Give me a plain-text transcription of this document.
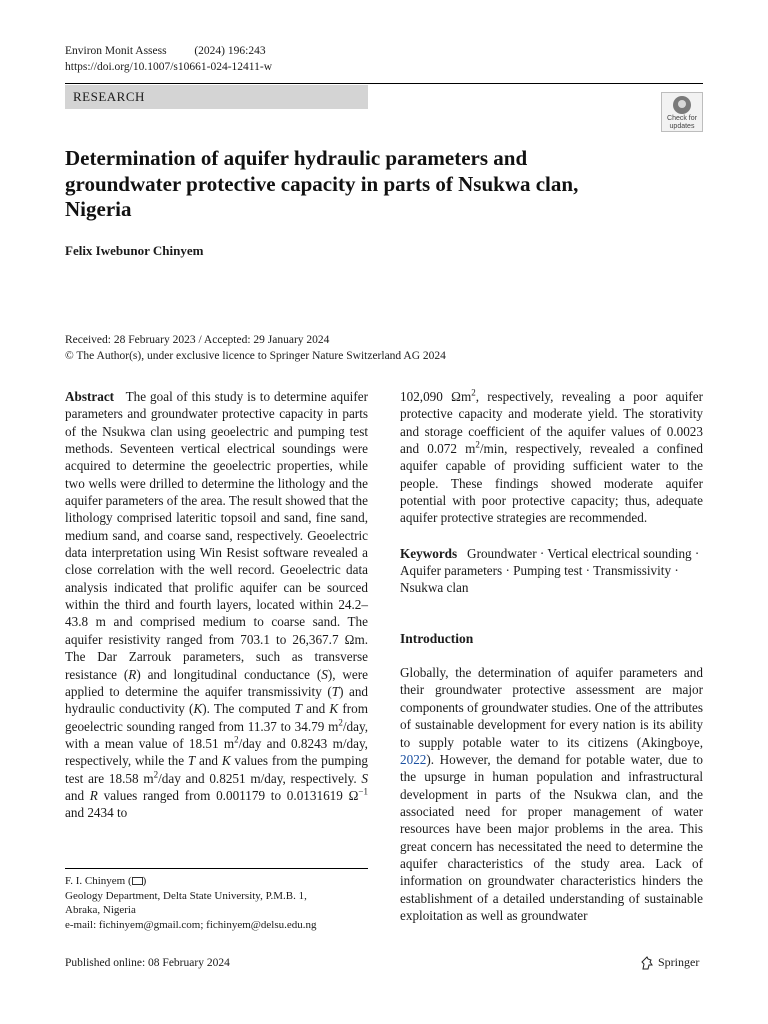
Environ Monit Assess (2024) 196:243
https://doi.org/10.1007/s10661-024-12411-w
RESEARCH
Check for
updates
Determination of aquifer hydraulic parameters and groundwater protective capacity in parts of Nsukwa clan, Nigeria
Felix Iwebunor Chinyem
Received: 28 February 2023 / Accepted: 29 January 2024
© The Author(s), under exclusive licence to Springer Nature Switzerland AG 2024

Abstract The goal of this study is to determine aquifer parameters and groundwater protective capacity in parts of the Nsukwa clan using geoelectric and pumping test methods. Seventeen vertical electrical soundings were acquired to determine the geoelectric properties, while two wells were drilled to determine the lithology and the aquifer parameters of the area. The result showed that the lithology comprised lateritic topsoil and sand, fine sand, medium sand, and coarse sand, respectively. Geoelectric data interpretation using Win Resist software revealed a close correlation with the well record. Geoelectric data analysis indicated that prolific aquifer can be sourced within the third and fourth layers, located within 24.2–43.8 m and comprised medium to coarse sand. The aquifer resistivity ranged from 703.1 to 26,367.7 Ωm. The Dar Zarrouk parameters, such as transverse resistance (R) and longitudinal conductance (S), were applied to determine the aquifer transmissivity (T) and hydraulic conductivity (K). The computed T and K from geoelectric sounding ranged from 11.37 to 34.79 $m^2$/day, with a mean value of 18.51 $m^2$/day and 0.8243 m/day, respectively, while the T and K values from the pumping test are 18.58 $m^2$/day and 0.8251 m/day, respectively. S and R values ranged from 0.001179 to 0.0131619 $\Omega^{-1}$ and 2434 to

102,090 $\Omega m^2$, respectively, revealing a poor aquifer protective capacity and moderate yield. The storativity and storage coefficient of the aquifer values of 0.0023 and 0.072 $m^2/\min$, respectively, revealed a confined aquifer capable of providing sufficient water to the people. These findings showed moderate aquifer potential with poor protective capacity; thus, adequate aquifer protective strategies are recommended.

Keywords Groundwater · Vertical electrical sounding · Aquifer parameters · Pumping test · Transmissivity · Nsukwa clan

Introduction

Globally, the determination of aquifer parameters and their groundwater protective assessment are major components of groundwater studies. One of the attributes of sustainable development for every nation is its ability to supply potable water to its citizens (Akingboye, 2022). However, the demand for potable water, due to the upsurge in human population and infrastructural development in parts of the Nsukwa clan, and the associated need for proper management of water resources have been major problems in the area. This great concern has necessitated the need to determine the aquifer characteristics of the study area. Lack of information on groundwater characteristics hinders the establishment of a detailed understanding of sustainable exploitation as well as groundwater

F. I. Chinyem ( )
Geology Department, Delta State University, P.M.B. 1,
Abraka, Nigeria
e-mail: fichinyem@gmail.com; fichinyem@delsu.edu.ng
Published online: 08 February 2024	Springer
